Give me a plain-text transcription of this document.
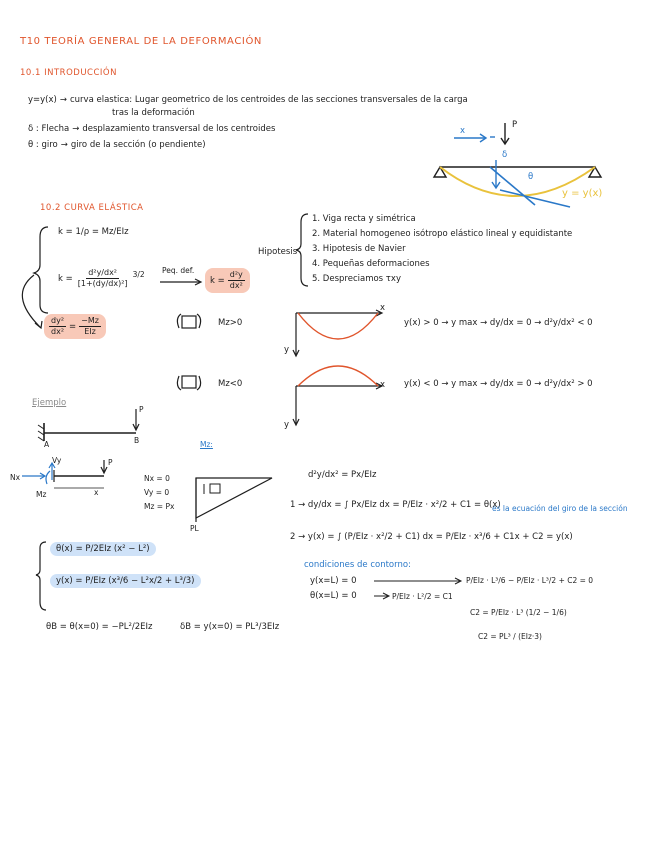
T10 TEORÍA GENERAL DE LA DEFORMACIÓN
10.1 INTRODUCCIÓN
y=y(x) → curva elastica: Lugar geometrico de los centroides de las secciones transversales de la carga
tras la deformación
δ : Flecha → desplazamiento transversal de los centroides
θ : giro → giro de la sección (o pendiente)
x
P
δ
θ
y = y(x)
10.2 CURVA ELÁSTICA
k = 1/ρ = Mz/EIz
$k = \frac{\text{d²y/dx²}}{\text{[1+(dy/dx)²]}} 3/2$ Peq. def.
$k = \frac{\text{d²y}}{\text{dx²}}$
$\frac{\text{dy²}}{\text{dx²}} = \frac{-Mz}{\text{EIz}}$	Mz>0
Mz<0
Hipotesis
1. Viga recta y simétrica
2. Material homogeneo isótropo elástico lineal y equidistante
3. Hipotesis de Navier
4. Pequeñas deformaciones
5. Despreciamos τxy
x
y
y(x) > 0 → y max → dy/dx = 0 → d²y/dx² < 0
x
y
y(x) < 0 → y max → dy/dx = 0 → d²y/dx² > 0
Ejemplo
P
A	B	Mz:
Nx
Vy
Mz
P
x
Nx = 0
Vy = 0
Mz = Px
PL
d²y/dx² = Px/EIz
1 → dy/dx = ∫ Px/EIz dx = P/EIz · x²/2 + C1 = θ(x)
es la ecuación del giro de la sección
2 → y(x) = ∫ (P/EIz · x²/2 + C1) dx = P/EIz · x³/6 + C1x + C2 = y(x)
condiciones de contorno:
y(x=L) = 0
θ(x=L) = 0	P/EIz · L²/2 = C1
P/EIz · L³/6 − P/EIz · L³/2 + C2 = 0
C2 = P/EIz · L³ (1/2 − 1/6)
C2 = PL³ / (EIz·3)
θ(x) = P/2EIz (x² − L²)
y(x) = P/EIz (x³/6 − L²x/2 + L³/3)
θB = θ(x=0) = −PL²/2EIz	δB = y(x=0) = PL³/3EIz
